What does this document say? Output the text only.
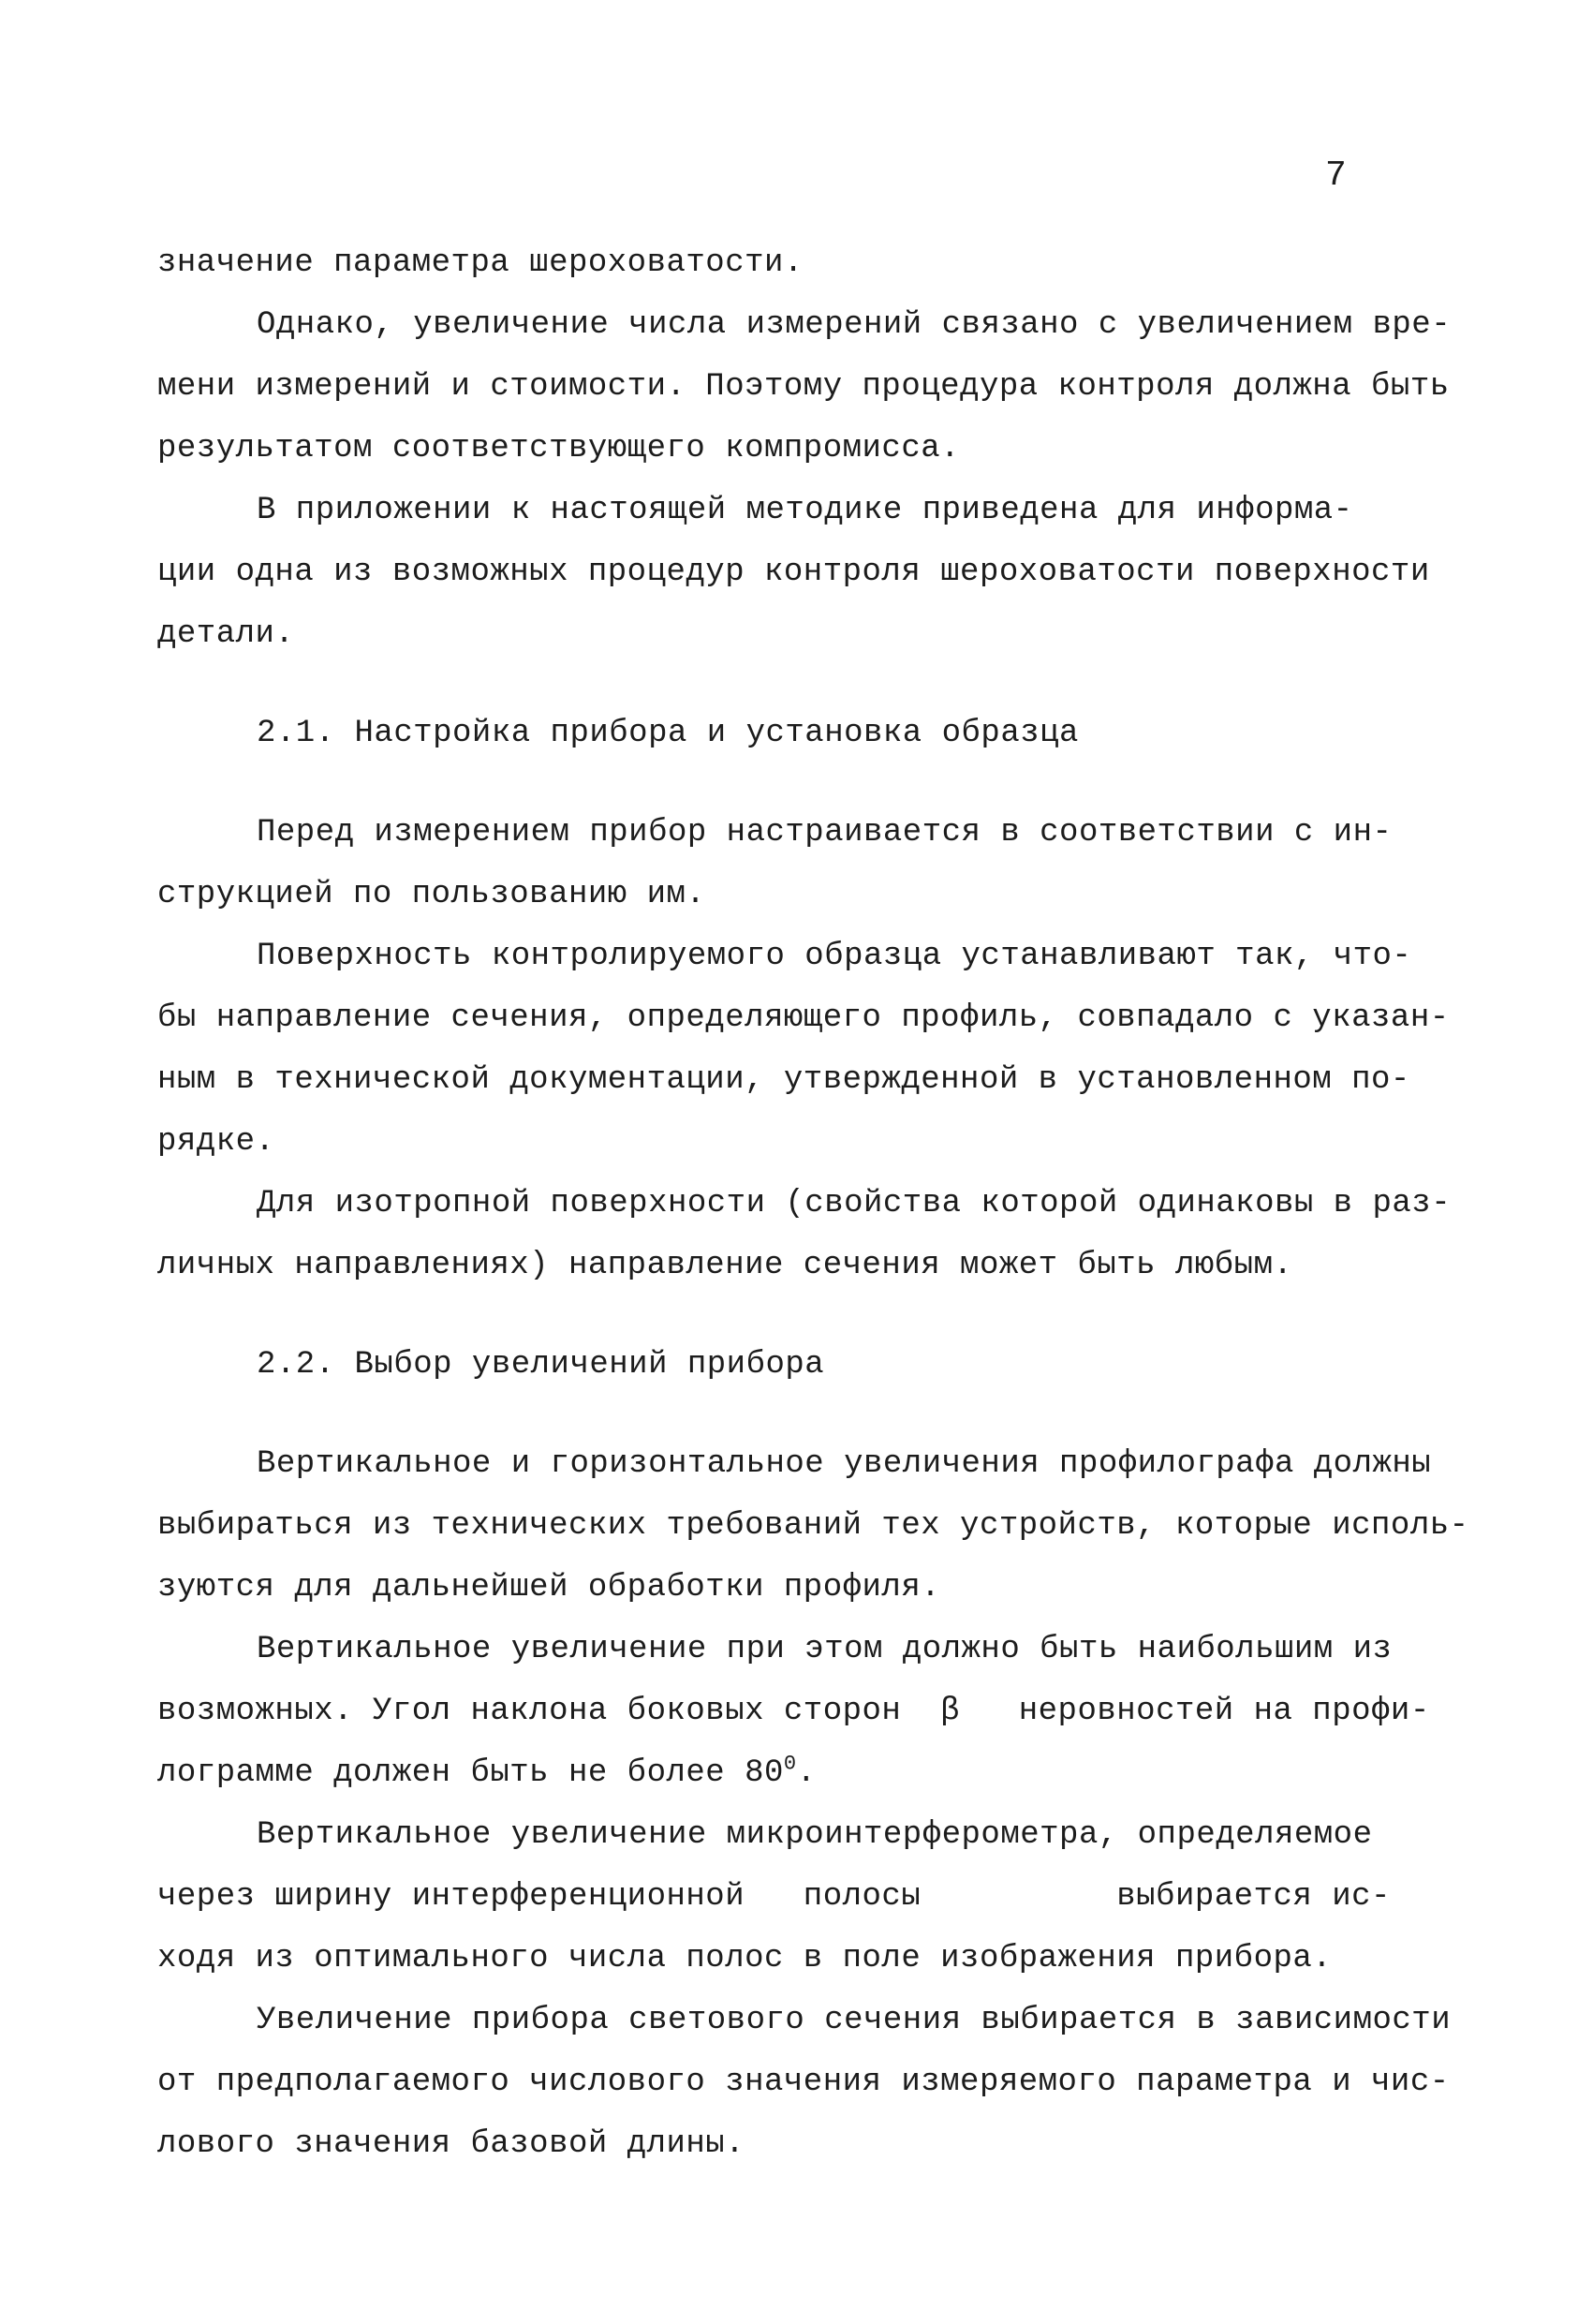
7
значение параметра шероховатости.
Однако, увеличение числа измерений связано с увеличением вре-
мени измерений и стоимости. Поэтому процедура контроля должна быть
результатом соответствующего компромисса.
В приложении к настоящей методике приведена для информа-
ции одна из возможных процедур контроля шероховатости поверхности
детали.
2.1. Настройка прибора и установка образца
Перед измерением прибор настраивается в соответствии с ин-
струкцией по пользованию им.
Поверхность контролируемого образца устанавливают так, что-
бы направление сечения, определяющего профиль, совпадало с указан-
ным в технической документации, утвержденной в установленном по-
рядке.
Для изотропной поверхности (свойства которой одинаковы в раз-
личных направлениях) направление сечения может быть любым.
2.2. Выбор увеличений прибора
Вертикальное и горизонтальное увеличения профилографа должны
выбираться из технических требований тех устройств, которые исполь-
зуются для дальнейшей обработки профиля.
Вертикальное увеличение при этом должно быть наибольшим из
возможных. Угол наклона боковых сторон  β   неровностей на профи-
лограмме должен быть не более $80^0$.
Вертикальное увеличение микроинтерферометра, определяемое
через ширину интерференционной   полосы          выбирается ис-
ходя из оптимального числа полос в поле изображения прибора.
Увеличение прибора светового сечения выбирается в зависимости
от предполагаемого числового значения измеряемого параметра и чис-
лового значения базовой длины.
